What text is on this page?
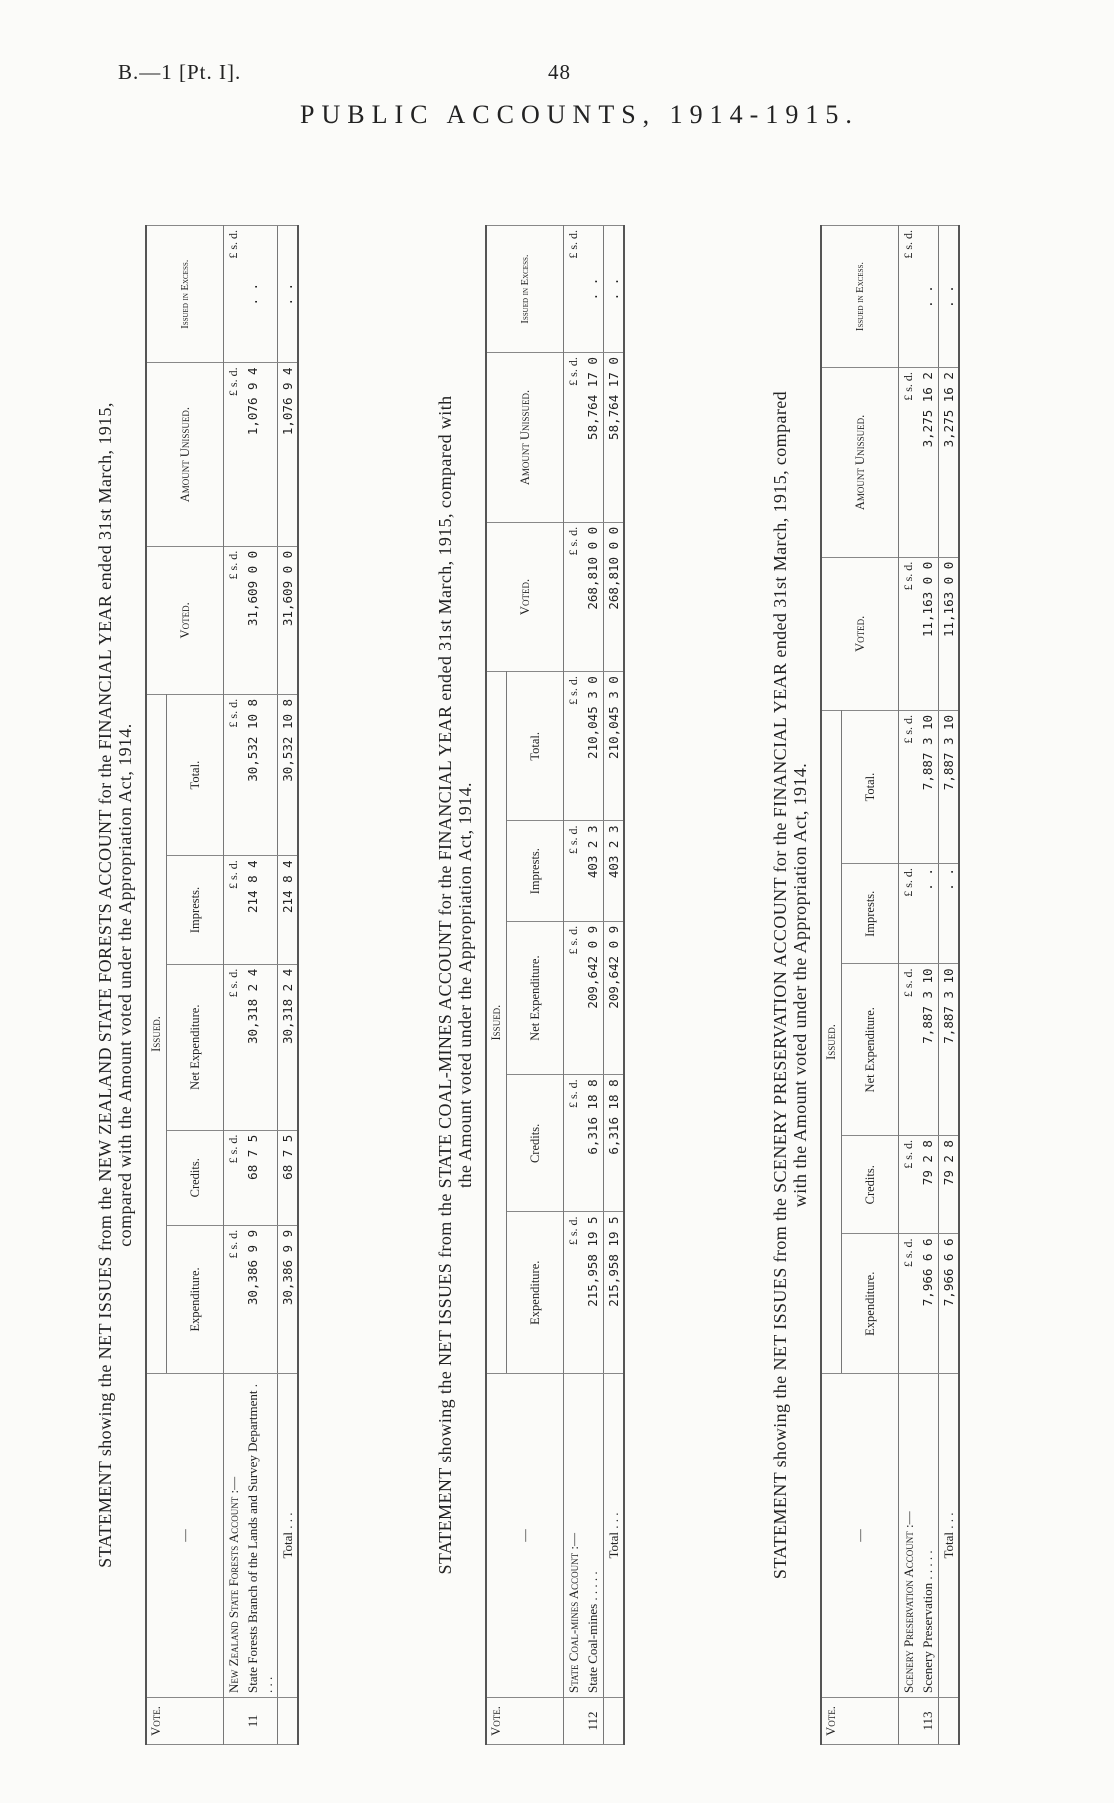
B.—1 [Pt. I].	48
PUBLIC ACCOUNTS, 1914-1915.
STATEMENT showing the NET ISSUES from the NEW ZEALAND STATE FORESTS ACCOUNT for the FINANCIAL YEAR ended 31st March, 1915, compared with the Amount voted under the Appropriation Act, 1914.
Vote.	—	Issued.					Voted.	Amount Unissued.	Issued in Excess.
		Expenditure.	Credits.	Net Expenditure.	Imprests.	Total.			
	New Zealand State Forests Account :—	£ s. d.	£ s. d.	£ s. d.	£ s. d.	£ s. d.	£ s. d.	£ s. d.	£ s. d.
11	State Forests Branch of the Lands and Survey Department . . . .	30,386 9 9	68 7 5	30,318 2 4	214 8 4	30,532 10 8	31,609 0 0	1,076 9 4	. .
	Total . . .	30,386 9 9	68 7 5	30,318 2 4	214 8 4	30,532 10 8	31,609 0 0	1,076 9 4	. .
STATEMENT showing the NET ISSUES from the STATE COAL-MINES ACCOUNT for the FINANCIAL YEAR ended 31st March, 1915, compared with the Amount voted under the Appropriation Act, 1914.
Vote.	—	Issued.					Voted.	Amount Unissued.	Issued in Excess.
		Expenditure.	Credits.	Net Expenditure.	Imprests.	Total.			
	State Coal-mines Account :—	£ s. d.	£ s. d.	£ s. d.	£ s. d.	£ s. d.	£ s. d.	£ s. d.	£ s. d.
112	State Coal-mines . . . . .	215,958 19 5	6,316 18 8	209,642 0 9	403 2 3	210,045 3 0	268,810 0 0	58,764 17 0	. .
	Total . . .	215,958 19 5	6,316 18 8	209,642 0 9	403 2 3	210,045 3 0	268,810 0 0	58,764 17 0	. .
STATEMENT showing the NET ISSUES from the SCENERY PRESERVATION ACCOUNT for the FINANCIAL YEAR ended 31st March, 1915, compared with the Amount voted under the Appropriation Act, 1914.
Vote.	—	Issued.					Voted.	Amount Unissued.	Issued in Excess.
		Expenditure.	Credits.	Net Expenditure.	Imprests.	Total.			
	Scenery Preservation Account :—	£ s. d.	£ s. d.	£ s. d.	£ s. d.	£ s. d.	£ s. d.	£ s. d.	£ s. d.
113	Scenery Preservation . . . . .	7,966 6 6	79 2 8	7,887 3 10	. .	7,887 3 10	11,163 0 0	3,275 16 2	. .
	Total . . .	7,966 6 6	79 2 8	7,887 3 10	. .	7,887 3 10	11,163 0 0	3,275 16 2	. .
